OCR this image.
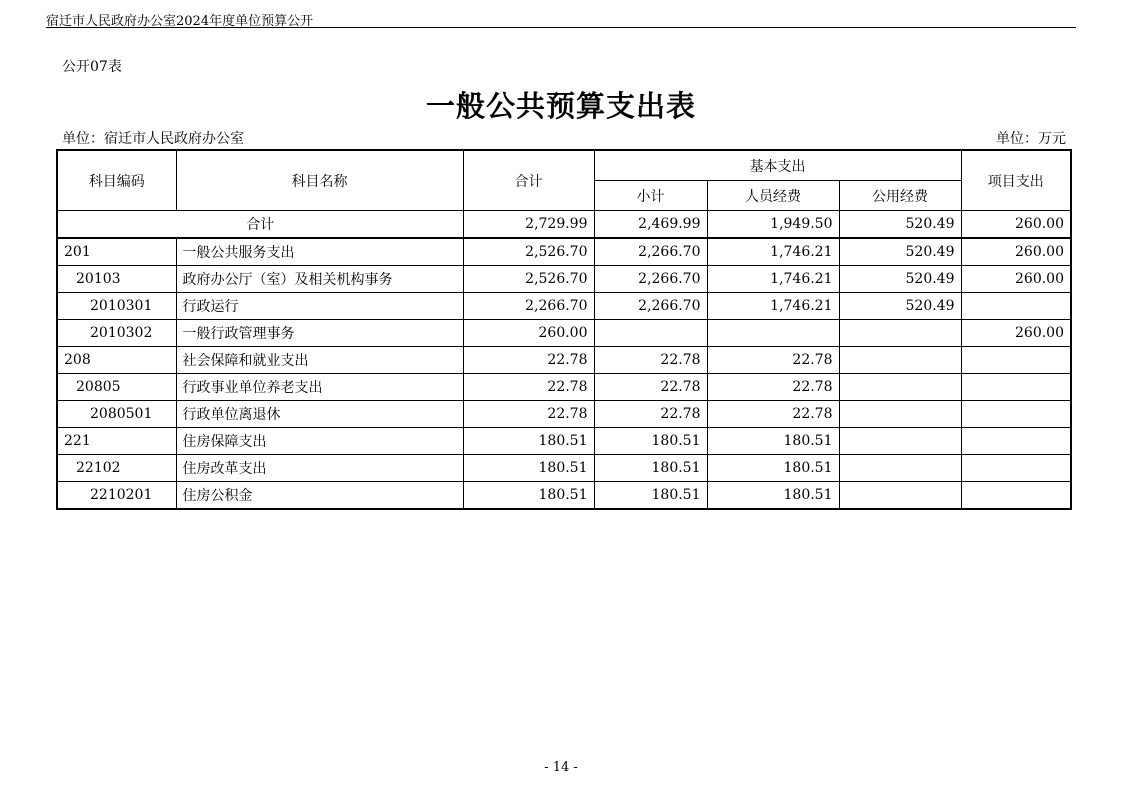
宿迁市人民政府办公室2024年度单位预算公开
公开07表
一般公共预算支出表
单位：宿迁市人民政府办公室	单位：万元
科目编码	科目名称	合计	基本支出			项目支出
			小计	人员经费	公用经费	
合计		2,729.99	2,469.99	1,949.50	520.49	260.00
201	一般公共服务支出	2,526.70	2,266.70	1,746.21	520.49	260.00
20103	政府办公厅（室）及相关机构事务	2,526.70	2,266.70	1,746.21	520.49	260.00
2010301	行政运行	2,266.70	2,266.70	1,746.21	520.49	
2010302	一般行政管理事务	260.00				260.00
208	社会保障和就业支出	22.78	22.78	22.78		
20805	行政事业单位养老支出	22.78	22.78	22.78		
2080501	行政单位离退休	22.78	22.78	22.78		
221	住房保障支出	180.51	180.51	180.51		
22102	住房改革支出	180.51	180.51	180.51		
2210201	住房公积金	180.51	180.51	180.51		
- 14 -
